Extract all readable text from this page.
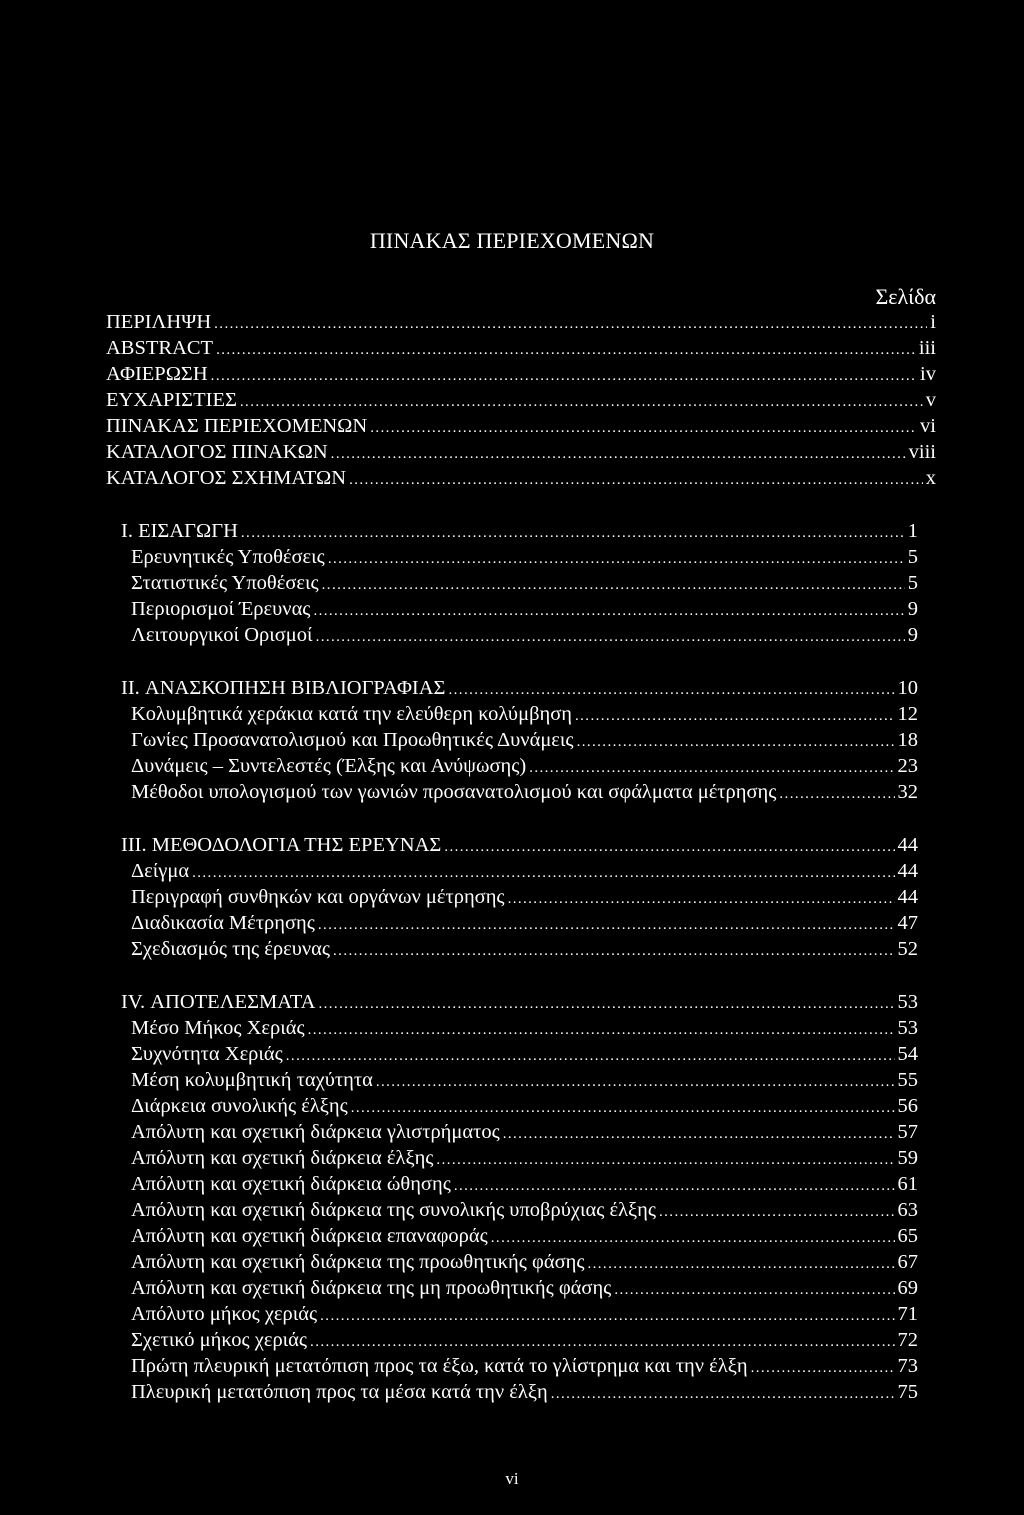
ΠΙΝΑΚΑΣ ΠΕΡΙΕΧΟΜΕΝΩΝ
Σελίδα
ΠΕΡΙΛΗΨΗ .....	i
ABSTRACT .....	iii
ΑΦΙΕΡΩΣΗ .....	iv
ΕΥΧΑΡΙΣΤΙΕΣ .....	v
ΠΙΝΑΚΑΣ ΠΕΡΙΕΧΟΜΕΝΩΝ .....	vi
ΚΑΤΑΛΟΓΟΣ ΠΙΝΑΚΩΝ .....	viii
ΚΑΤΑΛΟΓΟΣ ΣΧΗΜΑΤΩΝ .....	x
I. ΕΙΣΑΓΩΓΗ .....	1
Ερευνητικές Υποθέσεις .....	5
Στατιστικές Υποθέσεις .....	5
Περιορισμοί Έρευνας .....	9
Λειτουργικοί Ορισμοί .....	9
II. ΑΝΑΣΚΟΠΗΣΗ ΒΙΒΛΙΟΓΡΑΦΙΑΣ .....	10
Κολυμβητικά χεράκια κατά την ελεύθερη κολύμβηση .....	12
Γωνίες Προσανατολισμού και Προωθητικές Δυνάμεις .....	18
Δυνάμεις – Συντελεστές (Έλξης και Ανύψωσης) .....	23
Μέθοδοι υπολογισμού των γωνιών προσανατολισμού και σφάλματα μέτρησης .....	32
III. ΜΕΘΟΔΟΛΟΓΙΑ ΤΗΣ ΕΡΕΥΝΑΣ .....	44
Δείγμα .....	44
Περιγραφή συνθηκών και οργάνων μέτρησης .....	44
Διαδικασία Μέτρησης .....	47
Σχεδιασμός της έρευνας .....	52
IV. ΑΠΟΤΕΛΕΣΜΑΤΑ .....	53
Μέσο Μήκος Χεριάς .....	53
Συχνότητα Χεριάς .....	54
Μέση κολυμβητική ταχύτητα .....	55
Διάρκεια συνολικής έλξης .....	56
Απόλυτη και σχετική διάρκεια γλιστρήματος .....	57
Απόλυτη και σχετική διάρκεια έλξης .....	59
Απόλυτη και σχετική διάρκεια ώθησης .....	61
Απόλυτη και σχετική διάρκεια της συνολικής υποβρύχιας έλξης .....	63
Απόλυτη και σχετική διάρκεια επαναφοράς .....	65
Απόλυτη και σχετική διάρκεια της προωθητικής φάσης .....	67
Απόλυτη και σχετική διάρκεια της μη προωθητικής φάσης .....	69
Απόλυτο μήκος χεριάς .....	71
Σχετικό μήκος χεριάς .....	72
Πρώτη πλευρική μετατόπιση προς τα έξω, κατά το γλίστρημα και την έλξη .....	73
Πλευρική μετατόπιση προς τα μέσα κατά την έλξη .....	75
vi
